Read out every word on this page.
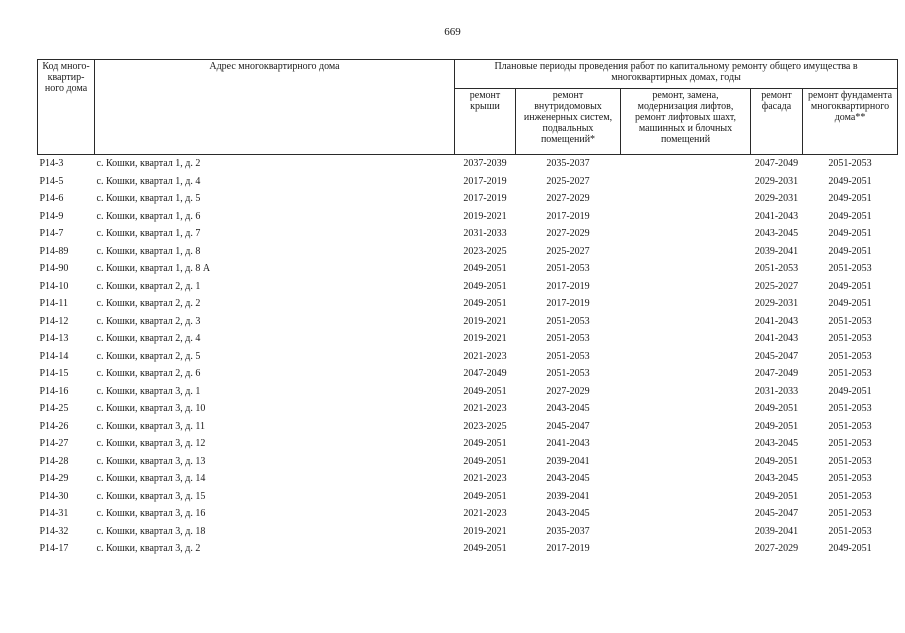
669
Код много-квартир-ного дома	Адрес многоквартирного дома	Плановые периоды проведения работ по капитальному ремонту общего имущества в многоквартирных домах, годы				
		ремонт крыши	ремонт внутридомовых инженерных систем, подвальных помещений*	ремонт, замена, модернизация лифтов, ремонт лифтовых шахт, машинных и блочных помещений	ремонт фасада	ремонт фундамента многоквартирного дома**
P14-3	с. Кошки, квартал 1, д. 2	2037-2039	2035-2037		2047-2049	2051-2053
P14-5	с. Кошки, квартал 1, д. 4	2017-2019	2025-2027		2029-2031	2049-2051
P14-6	с. Кошки, квартал 1, д. 5	2017-2019	2027-2029		2029-2031	2049-2051
P14-9	с. Кошки, квартал 1, д. 6	2019-2021	2017-2019		2041-2043	2049-2051
P14-7	с. Кошки, квартал 1, д. 7	2031-2033	2027-2029		2043-2045	2049-2051
P14-89	с. Кошки, квартал 1, д. 8	2023-2025	2025-2027		2039-2041	2049-2051
P14-90	с. Кошки, квартал 1, д. 8 А	2049-2051	2051-2053		2051-2053	2051-2053
P14-10	с. Кошки, квартал 2, д. 1	2049-2051	2017-2019		2025-2027	2049-2051
P14-11	с. Кошки, квартал 2, д. 2	2049-2051	2017-2019		2029-2031	2049-2051
P14-12	с. Кошки, квартал 2, д. 3	2019-2021	2051-2053		2041-2043	2051-2053
P14-13	с. Кошки, квартал 2, д. 4	2019-2021	2051-2053		2041-2043	2051-2053
P14-14	с. Кошки, квартал 2, д. 5	2021-2023	2051-2053		2045-2047	2051-2053
P14-15	с. Кошки, квартал 2, д. 6	2047-2049	2051-2053		2047-2049	2051-2053
P14-16	с. Кошки, квартал 3, д. 1	2049-2051	2027-2029		2031-2033	2049-2051
P14-25	с. Кошки, квартал 3, д. 10	2021-2023	2043-2045		2049-2051	2051-2053
P14-26	с. Кошки, квартал 3, д. 11	2023-2025	2045-2047		2049-2051	2051-2053
P14-27	с. Кошки, квартал 3, д. 12	2049-2051	2041-2043		2043-2045	2051-2053
P14-28	с. Кошки, квартал 3, д. 13	2049-2051	2039-2041		2049-2051	2051-2053
P14-29	с. Кошки, квартал 3, д. 14	2021-2023	2043-2045		2043-2045	2051-2053
P14-30	с. Кошки, квартал 3, д. 15	2049-2051	2039-2041		2049-2051	2051-2053
P14-31	с. Кошки, квартал 3, д. 16	2021-2023	2043-2045		2045-2047	2051-2053
P14-32	с. Кошки, квартал 3, д. 18	2019-2021	2035-2037		2039-2041	2051-2053
P14-17	с. Кошки, квартал 3, д. 2	2049-2051	2017-2019		2027-2029	2049-2051
